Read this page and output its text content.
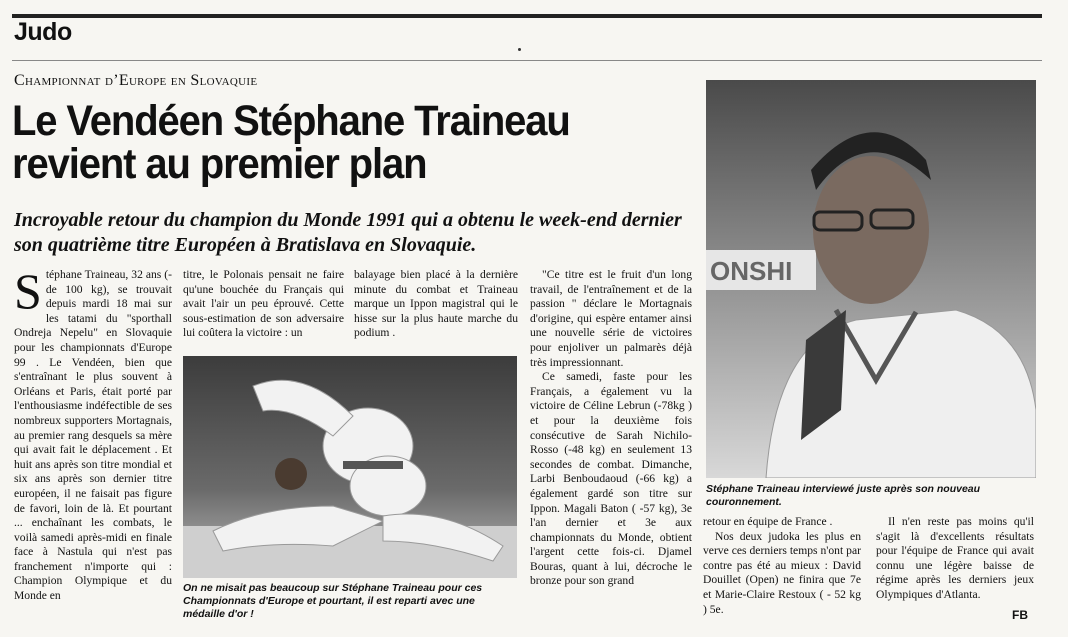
Judo
Championnat d’Europe en Slovaquie
Le Vendéen Stéphane Traineau revient au premier plan
Incroyable retour du champion du Monde 1991 qui a obtenu le week-end dernier son quatrième titre Européen à Bratislava en Slovaquie.

Stéphane Traineau, 32 ans (- de 100 kg), se trouvait depuis mardi 18 mai sur les tatami du "sporthall Ondreja Nepelu" en Slovaquie pour les championnats d'Europe 99 . Le Vendéen, bien que s'entraînant le plus souvent à Orléans et Paris, était porté par l'enthousiasme indéfectible de ses nombreux supporters Mortagnais, au premier rang desquels sa mère qui avait fait le déplacement . Et huit ans après son titre mondial et six ans après son dernier titre européen, il ne faisait pas figure de favori, loin de là. Et pourtant ... enchaînant les combats, le voilà samedi après-midi en finale face à Nastula qui n'est pas franchement n'importe qui : Champion Olympique et du Monde en

titre, le Polonais pensait ne faire qu'une bouchée du Français qui avait l'air un peu éprouvé. Cette sous-estimation de son adversaire lui coûtera la victoire : un

balayage bien placé à la dernière minute du combat et Traineau marque un Ippon magistral qui le hisse sur la plus haute marche du podium .

"Ce titre est le fruit d'un long travail, de l'entraînement et de la passion " déclare le Mortagnais d'origine, qui espère entamer ainsi une nouvelle série de victoires pour enjoliver un palmarès déjà très impressionnant.

Ce samedi, faste pour les Français, a également vu la victoire de Céline Lebrun (-78kg ) et pour la deuxième fois consécutive de Sarah Nichilo-Rosso (-48 kg) en seulement 13 secondes de combat. Dimanche, Larbi Benboudaoud (-66 kg) a également gardé son titre sur Ippon. Magali Baton ( -57 kg), 3e l'an dernier et 3e aux championnats du Monde, obtient l'argent cette fois-ci. Djamel Bouras, quant à lui, décroche le bronze pour son grand

On ne misait pas beaucoup sur Stéphane Traineau pour ces Championnats d'Europe et pourtant, il est reparti avec une médaille d'or !
ONSHI
Stéphane Traineau interviewé juste après son nouveau couronnement.

retour en équipe de France .

Nos deux judoka les plus en verve ces derniers temps n'ont par contre pas été au mieux : David Douillet (Open) ne finira que 7e et Marie-Claire Restoux ( - 52 kg ) 5e.

Il n'en reste pas moins qu'il s'agit là d'excellents résultats pour l'équipe de France qui avait connu une légère baisse de régime après les derniers jeux Olympiques d'Atlanta.

FB
